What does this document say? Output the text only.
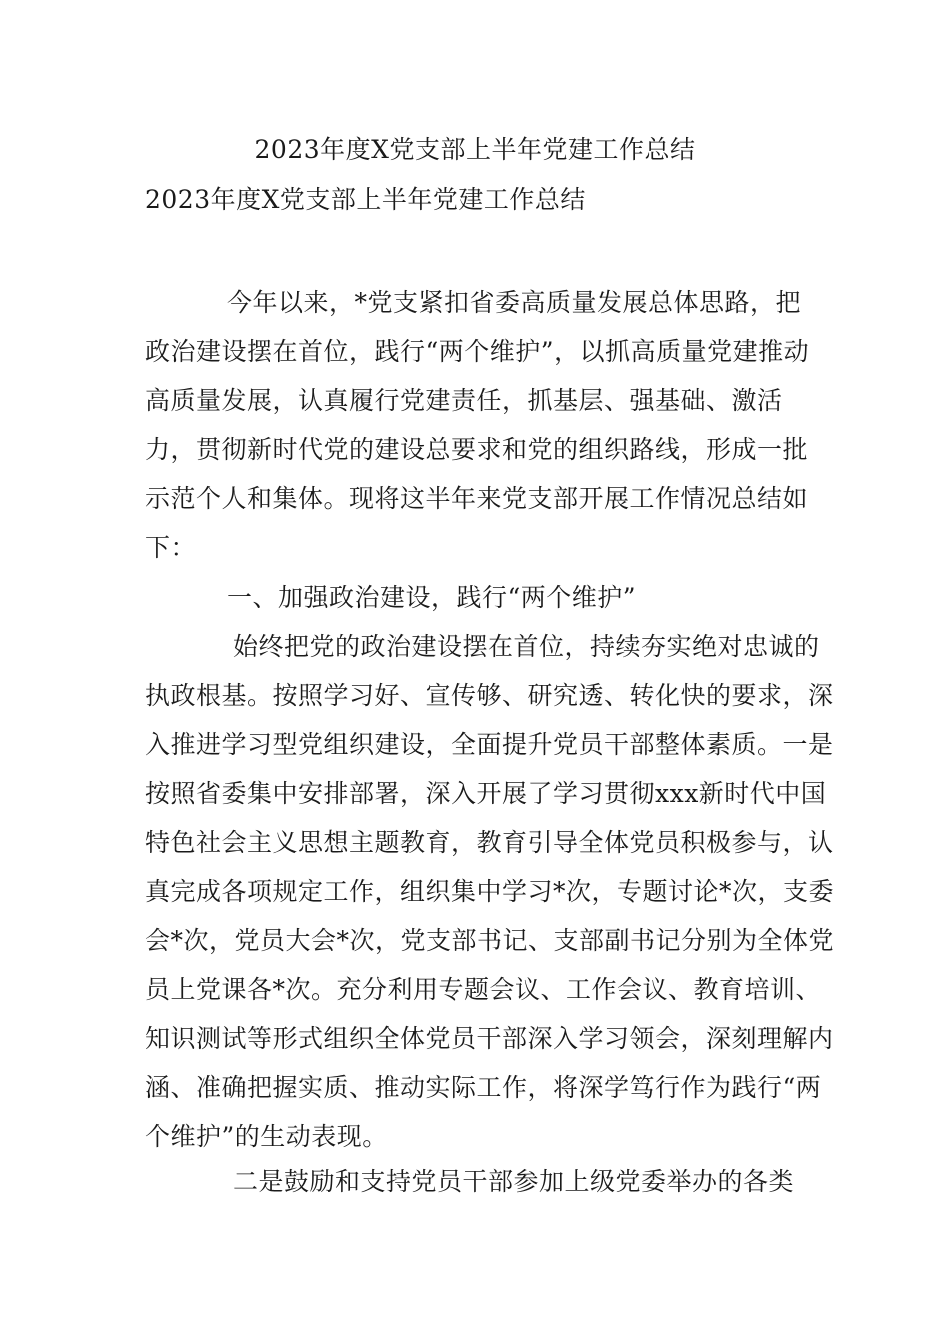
2023年度X党支部上半年党建工作总结
2023年度X党支部上半年党建工作总结

今年以来，*党支紧扣省委高质量发展总体思路，把政治建设摆在首位，践行“两个维护”，以抓高质量党建推动高质量发展，认真履行党建责任，抓基层、强基础、激活力，贯彻新时代党的建设总要求和党的组织路线，形成一批示范个人和集体。现将这半年来党支部开展工作情况总结如下：

一、加强政治建设，践行“两个维护”

始终把党的政治建设摆在首位，持续夯实绝对忠诚的执政根基。按照学习好、宣传够、研究透、转化快的要求，深入推进学习型党组织建设，全面提升党员干部整体素质。一是按照省委集中安排部署，深入开展了学习贯彻xxx新时代中国特色社会主义思想主题教育，教育引导全体党员积极参与，认真完成各项规定工作，组织集中学习*次，专题讨论*次，支委会*次，党员大会*次，党支部书记、支部副书记分别为全体党员上党课各*次。充分利用专题会议、工作会议、教育培训、知识测试等形式组织全体党员干部深入学习领会，深刻理解内涵、准确把握实质、推动实际工作，将深学笃行作为践行“两个维护”的生动表现。

二是鼓励和支持党员干部参加上级党委举办的各类
